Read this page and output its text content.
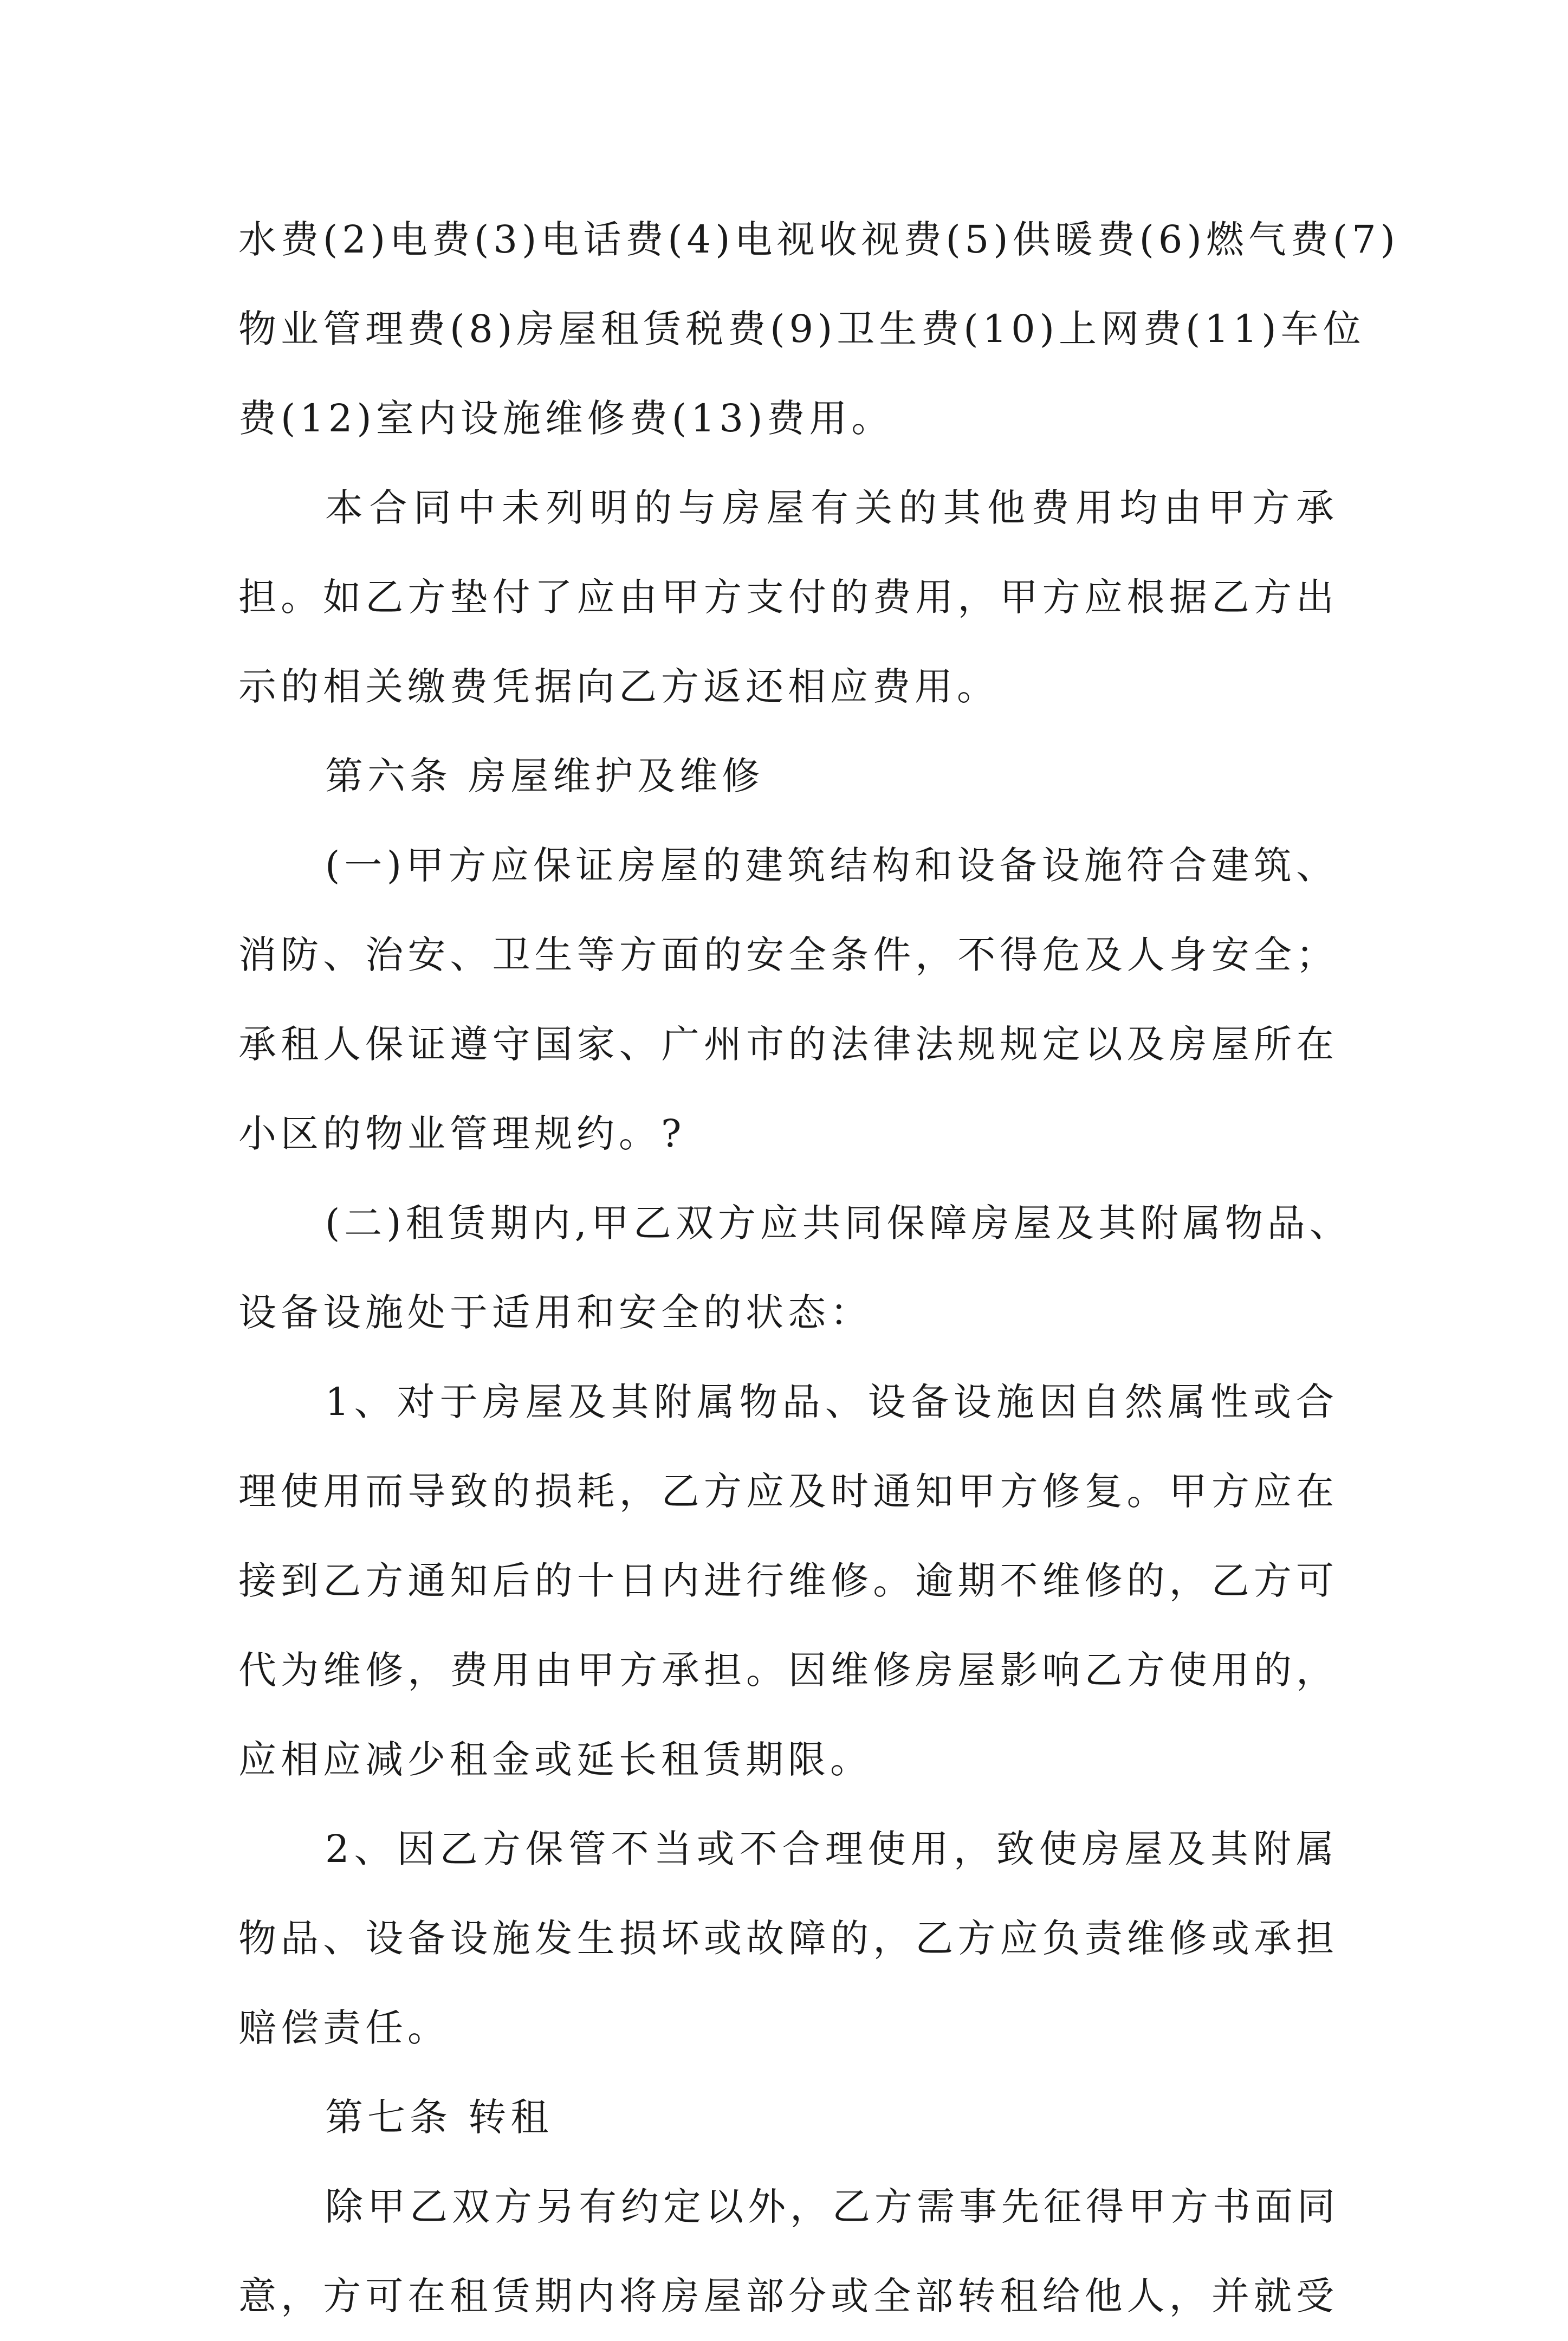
水费(2)电费(3)电话费(4)电视收视费(5)供暖费(6)燃气费(7)
物业管理费(8)房屋租赁税费(9)卫生费(10)上网费(11)车位
费(12)室内设施维修费(13)费用。
本合同中未列明的与房屋有关的其他费用均由甲方承
担。如乙方垫付了应由甲方支付的费用，甲方应根据乙方出
示的相关缴费凭据向乙方返还相应费用。
第六条 房屋维护及维修
(一)甲方应保证房屋的建筑结构和设备设施符合建筑、
消防、治安、卫生等方面的安全条件，不得危及人身安全；
承租人保证遵守国家、广州市的法律法规规定以及房屋所在
小区的物业管理规约。?
(二)租赁期内,甲乙双方应共同保障房屋及其附属物品、
设备设施处于适用和安全的状态：
1、对于房屋及其附属物品、设备设施因自然属性或合
理使用而导致的损耗，乙方应及时通知甲方修复。甲方应在
接到乙方通知后的十日内进行维修。逾期不维修的，乙方可
代为维修，费用由甲方承担。因维修房屋影响乙方使用的，
应相应减少租金或延长租赁期限。
2、因乙方保管不当或不合理使用，致使房屋及其附属
物品、设备设施发生损坏或故障的，乙方应负责维修或承担
赔偿责任。
第七条 转租
除甲乙双方另有约定以外，乙方需事先征得甲方书面同
意，方可在租赁期内将房屋部分或全部转租给他人，并就受
